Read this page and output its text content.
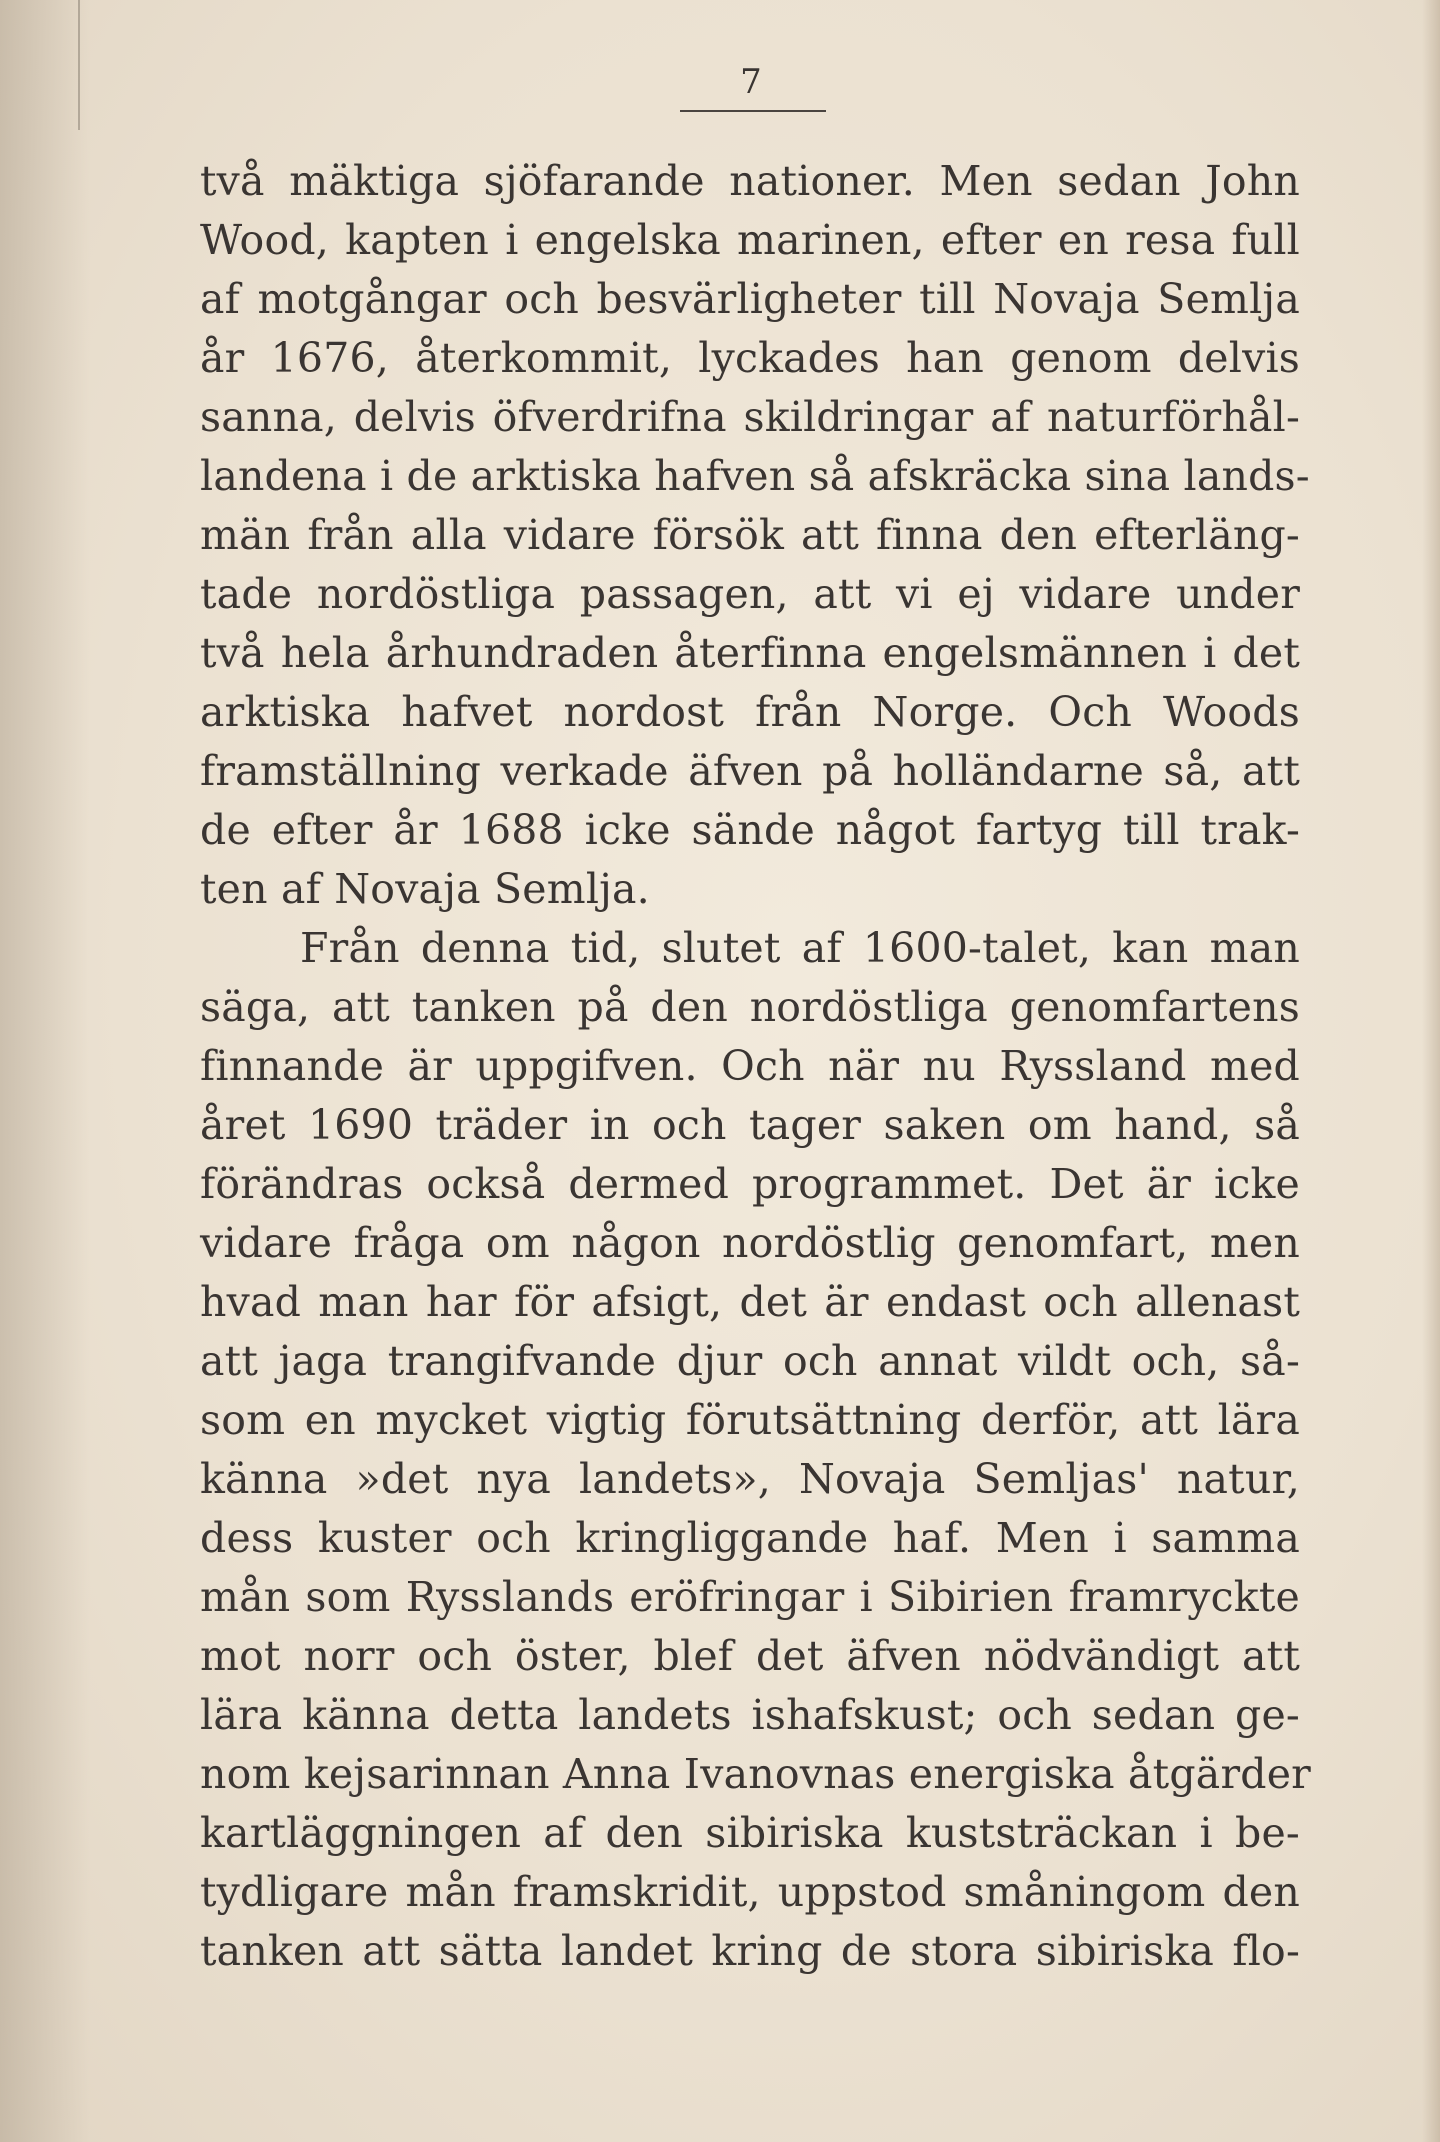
7
två mäktiga sjöfarande nationer. Men sedan John
Wood, kapten i engelska marinen, efter en resa full
af motgångar och besvärligheter till Novaja Semlja
år 1676, återkommit, lyckades han genom delvis
sanna, delvis öfverdrifna skildringar af naturförhål-
landena i de arktiska hafven så afskräcka sina lands-
män från alla vidare försök att finna den efterläng-
tade nordöstliga passagen, att vi ej vidare under
två hela århundraden återfinna engelsmännen i det
arktiska hafvet nordost från Norge. Och Woods
framställning verkade äfven på holländarne så, att
de efter år 1688 icke sände något fartyg till trak-
ten af Novaja Semlja.
Från denna tid, slutet af 1600-talet, kan man
säga, att tanken på den nordöstliga genomfartens
finnande är uppgifven. Och när nu Ryssland med
året 1690 träder in och tager saken om hand, så
förändras också dermed programmet. Det är icke
vidare fråga om någon nordöstlig genomfart, men
hvad man har för afsigt, det är endast och allenast
att jaga trangifvande djur och annat vildt och, så-
som en mycket vigtig förutsättning derför, att lära
känna »det nya landets», Novaja Semljas' natur,
dess kuster och kringliggande haf. Men i samma
mån som Rysslands eröfringar i Sibirien framryckte
mot norr och öster, blef det äfven nödvändigt att
lära känna detta landets ishafskust; och sedan ge-
nom kejsarinnan Anna Ivanovnas energiska åtgärder
kartläggningen af den sibiriska kuststräckan i be-
tydligare mån framskridit, uppstod småningom den
tanken att sätta landet kring de stora sibiriska flo-
